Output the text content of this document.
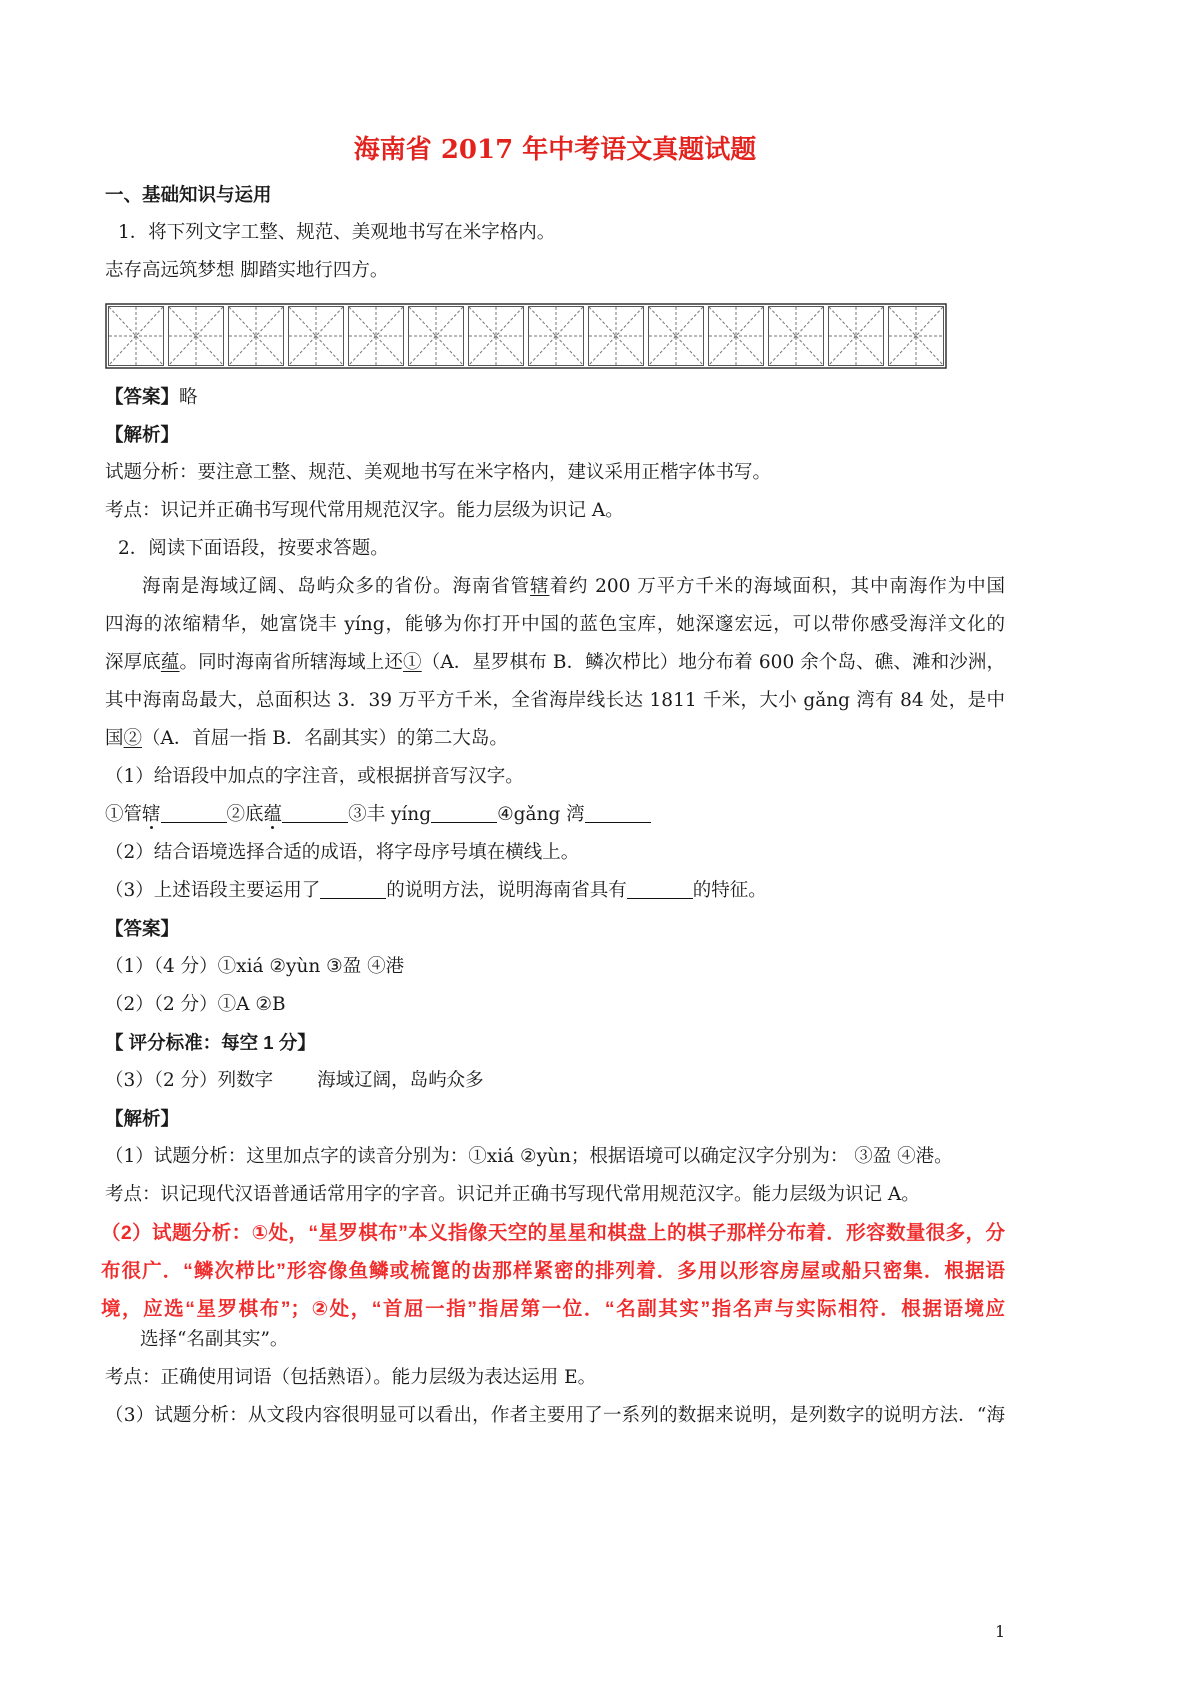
海南省 2017 年中考语文真题试题
一、基础知识与运用
1．将下列文字工整、规范、美观地书写在米字格内。
志存高远筑梦想 脚踏实地行四方。
【答案】略
【解析】
试题分析：要注意工整、规范、美观地书写在米字格内，建议采用正楷字体书写。
考点：识记并正确书写现代常用规范汉字。能力层级为识记 A。
2．阅读下面语段，按要求答题。
海南是海域辽阔、岛屿众多的省份。海南省管辖着约 200 万平方千米的海域面积，其中南海作为中国
四海的浓缩精华，她富饶丰 yíng，能够为你打开中国的蓝色宝库，她深邃宏远，可以带你感受海洋文化的
深厚底蕴。同时海南省所辖海域上还①（A．星罗棋布 B．鳞次栉比）地分布着 600 余个岛、礁、滩和沙洲，
其中海南岛最大，总面积达 3．39 万平方千米，全省海岸线长达 1811 千米，大小 gǎng 湾有 84 处，是中
国②（A．首屈一指 B．名副其实）的第二大岛。
（1）给语段中加点的字注音，或根据拼音写汉字。
①管辖	②底蕴	③丰 yíng	④gǎng 湾
（2）结合语境选择合适的成语，将字母序号填在横线上。
（3）上述语段主要运用了	的说明方法，说明海南省具有	的特征。
【答案】
（1）（4 分）①xiá ②yùn ③盈 ④港
（2）（2 分）①A ②B
【 评分标准：每空 1 分】
（3）（2 分）列数字 海域辽阔，岛屿众多
【解析】
（1）试题分析：这里加点字的读音分别为：①xiá ②yùn；根据语境可以确定汉字分别为： ③盈 ④港。
考点：识记现代汉语普通话常用字的字音。识记并正确书写现代常用规范汉字。能力层级为识记 A。
（2）试题分析：①处，“星罗棋布”本义指像天空的星星和棋盘上的棋子那样分布着．形容数量很多，分
布很广．“鳞次栉比”形容像鱼鳞或梳篦的齿那样紧密的排列着．多用以形容房屋或船只密集．根据语
境，应选“星罗棋布”；②处，“首屈一指”指居第一位．“名副其实”指名声与实际相符．根据语境应
选择“名副其实”。
考点：正确使用词语（包括熟语）。能力层级为表达运用 E。
（3）试题分析：从文段内容很明显可以看出，作者主要用了一系列的数据来说明，是列数字的说明方法．“海
1
